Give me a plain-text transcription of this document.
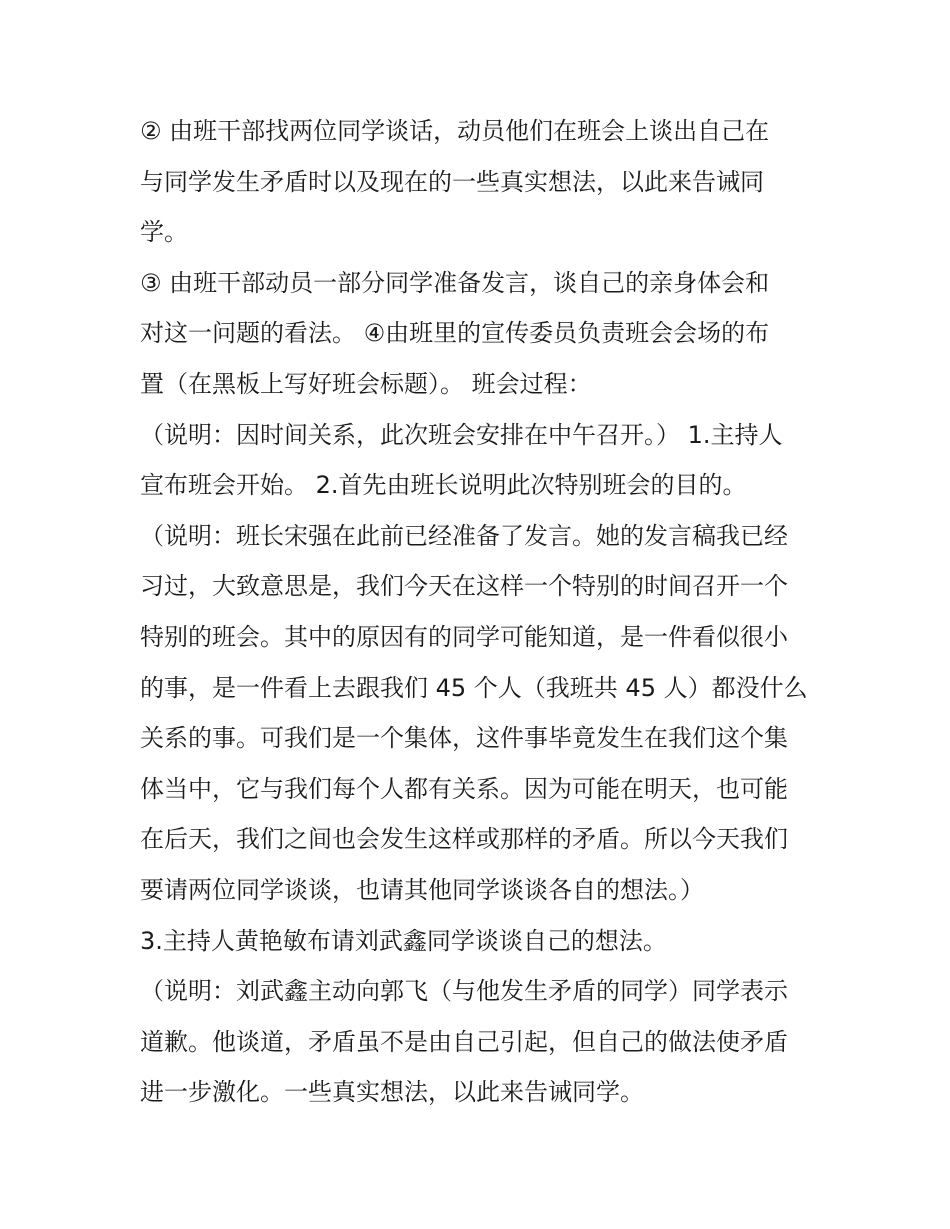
② 由班干部找两位同学谈话，动员他们在班会上谈出自己在
与同学发生矛盾时以及现在的一些真实想法，以此来告诫同
学。
③ 由班干部动员一部分同学准备发言，谈自己的亲身体会和
对这一问题的看法。 ④由班里的宣传委员负责班会会场的布
置（在黑板上写好班会标题）。 班会过程：
（说明：因时间关系，此次班会安排在中午召开。） 1.主持人
宣布班会开始。 2.首先由班长说明此次特别班会的目的。
（说明：班长宋强在此前已经准备了发言。她的发言稿我已经
习过，大致意思是，我们今天在这样一个特别的时间召开一个
特别的班会。其中的原因有的同学可能知道，是一件看似很小
的事，是一件看上去跟我们 45 个人（我班共 45 人）都没什么
关系的事。可我们是一个集体，这件事毕竟发生在我们这个集
体当中，它与我们每个人都有关系。因为可能在明天，也可能
在后天，我们之间也会发生这样或那样的矛盾。所以今天我们
要请两位同学谈谈，也请其他同学谈谈各自的想法。）
3.主持人黄艳敏布请刘武鑫同学谈谈自己的想法。
（说明：刘武鑫主动向郭飞（与他发生矛盾的同学）同学表示
道歉。他谈道，矛盾虽不是由自己引起，但自己的做法使矛盾
进一步激化。一些真实想法，以此来告诫同学。
